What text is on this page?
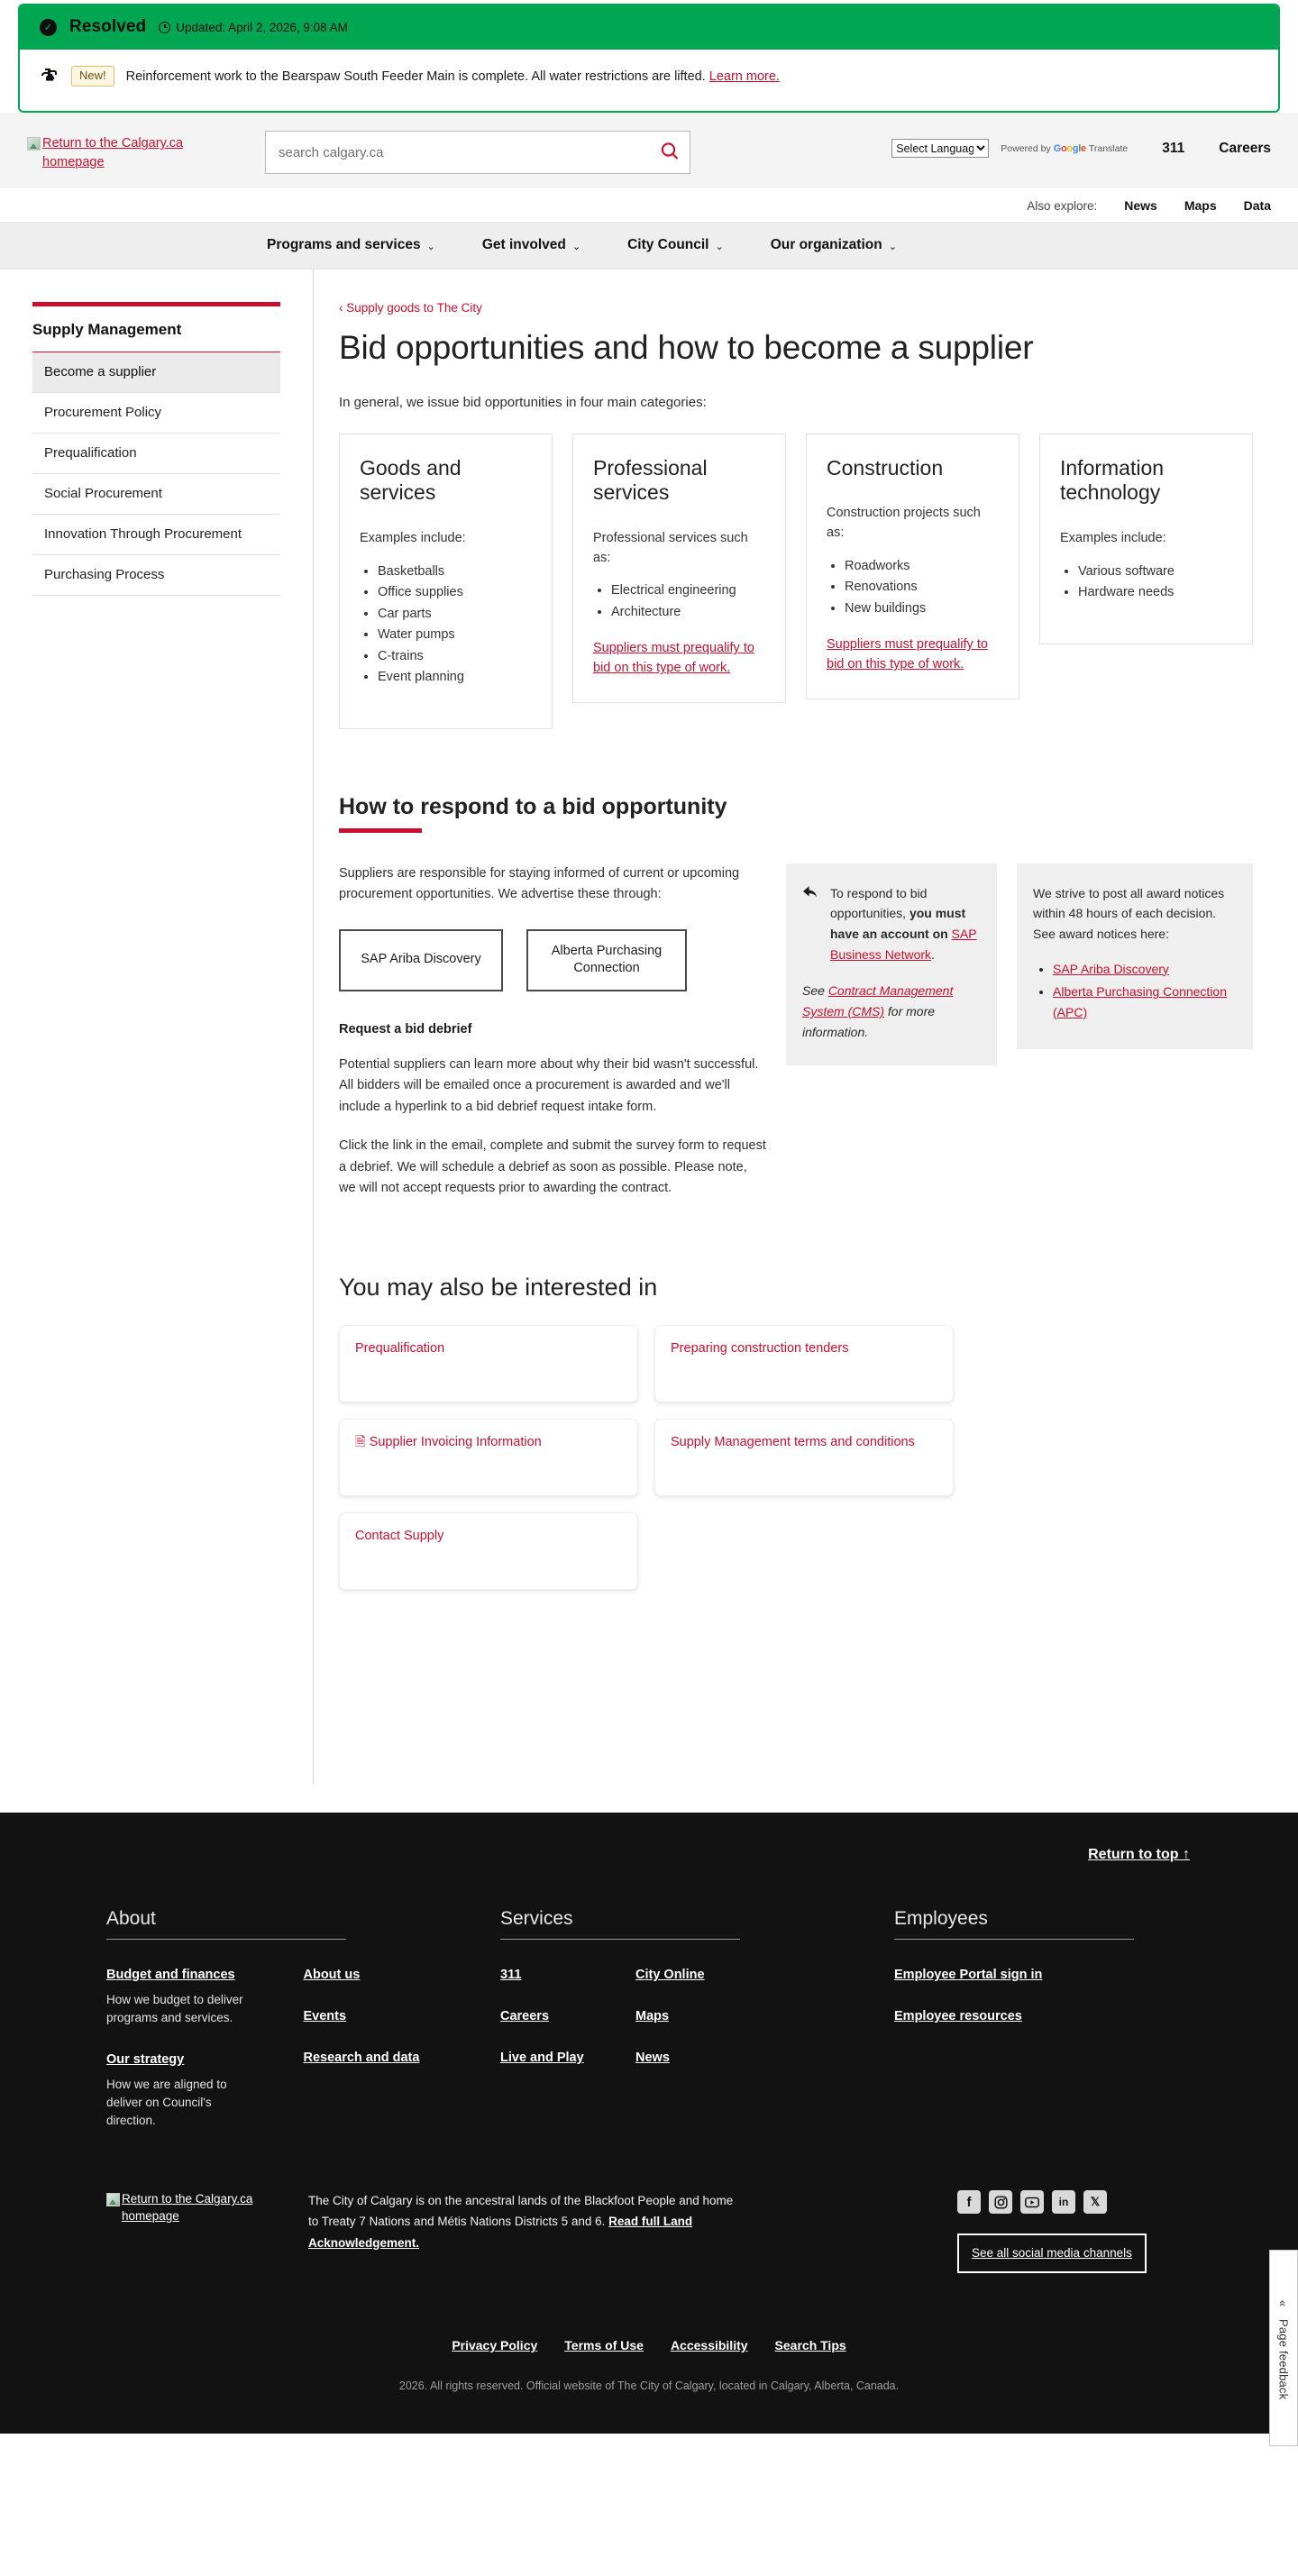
✓ Resolved Updated: April 2, 2026, 9:08 AM
New!	Reinforcement work to the Bearspaw South Feeder Main is complete. All water restrictions are lifted. Learn more.
Return to the Calgary.ca homepage
search calgary.ca
Select Language
Powered by Google Translate 311 Careers
Also explore: News Maps Data
Programs and services ⌄	Get involved ⌄	City Council ⌄	Our organization ⌄
Supply Management
Become a supplier
Procurement Policy
Prequalification
Social Procurement
Innovation Through Procurement
Purchasing Process
‹ Supply goods to The City
Bid opportunities and how to become a supplier

In general, we issue bid opportunities in four main categories:

Goods and services

Examples include:

• Basketballs
• Office supplies
• Car parts
• Water pumps
• C-trains
• Event planning
Professional services

Professional services such as:

• Electrical engineering
• Architecture
Suppliers must prequalify to bid on this type of work.
Construction

Construction projects such as:

• Roadworks
• Renovations
• New buildings
Suppliers must prequalify to bid on this type of work.
Information technology

Examples include:

• Various software
• Hardware needs
How to respond to a bid opportunity

Suppliers are responsible for staying informed of current or upcoming procurement opportunities. We advertise these through:

SAP Ariba Discovery
Alberta Purchasing Connection
Request a bid debrief

Potential suppliers can learn more about why their bid wasn't successful. All bidders will be emailed once a procurement is awarded and we'll include a hyperlink to a bid debrief request intake form.

Click the link in the email, complete and submit the survey form to request a debrief. We will schedule a debrief as soon as possible. Please note, we will not accept requests prior to awarding the contract.

To respond to bid opportunities, you must have an account on SAP Business Network.
See Contract Management System (CMS) for more information.
We strive to post all award notices within 48 hours of each decision. See award notices here:
• SAP Ariba Discovery
• Alberta Purchasing Connection (APC)
You may also be interested in
Prequalification	Preparing construction tenders
🗎 Supplier Invoicing Information	Supply Management terms and conditions
Contact Supply
Return to top ↑
About
Budget and finances

How we budget to deliver programs and services.

Our strategy

How we are aligned to deliver on Council's direction.

About us
Events
Research and data
Services
311
Careers
Live and Play
City Online
Maps
News
Employees
Employee Portal sign in
Employee resources
Return to the Calgary.ca homepage
The City of Calgary is on the ancestral lands of the Blackfoot People and home to Treaty 7 Nations and Métis Nations Districts 5 and 6. Read full Land Acknowledgement.
f	in	𝕏
See all social media channels
Privacy Policy Terms of Use Accessibility Search Tips
2026. All rights reserved. Official website of The City of Calgary, located in Calgary, Alberta, Canada.
«
Page feedback
